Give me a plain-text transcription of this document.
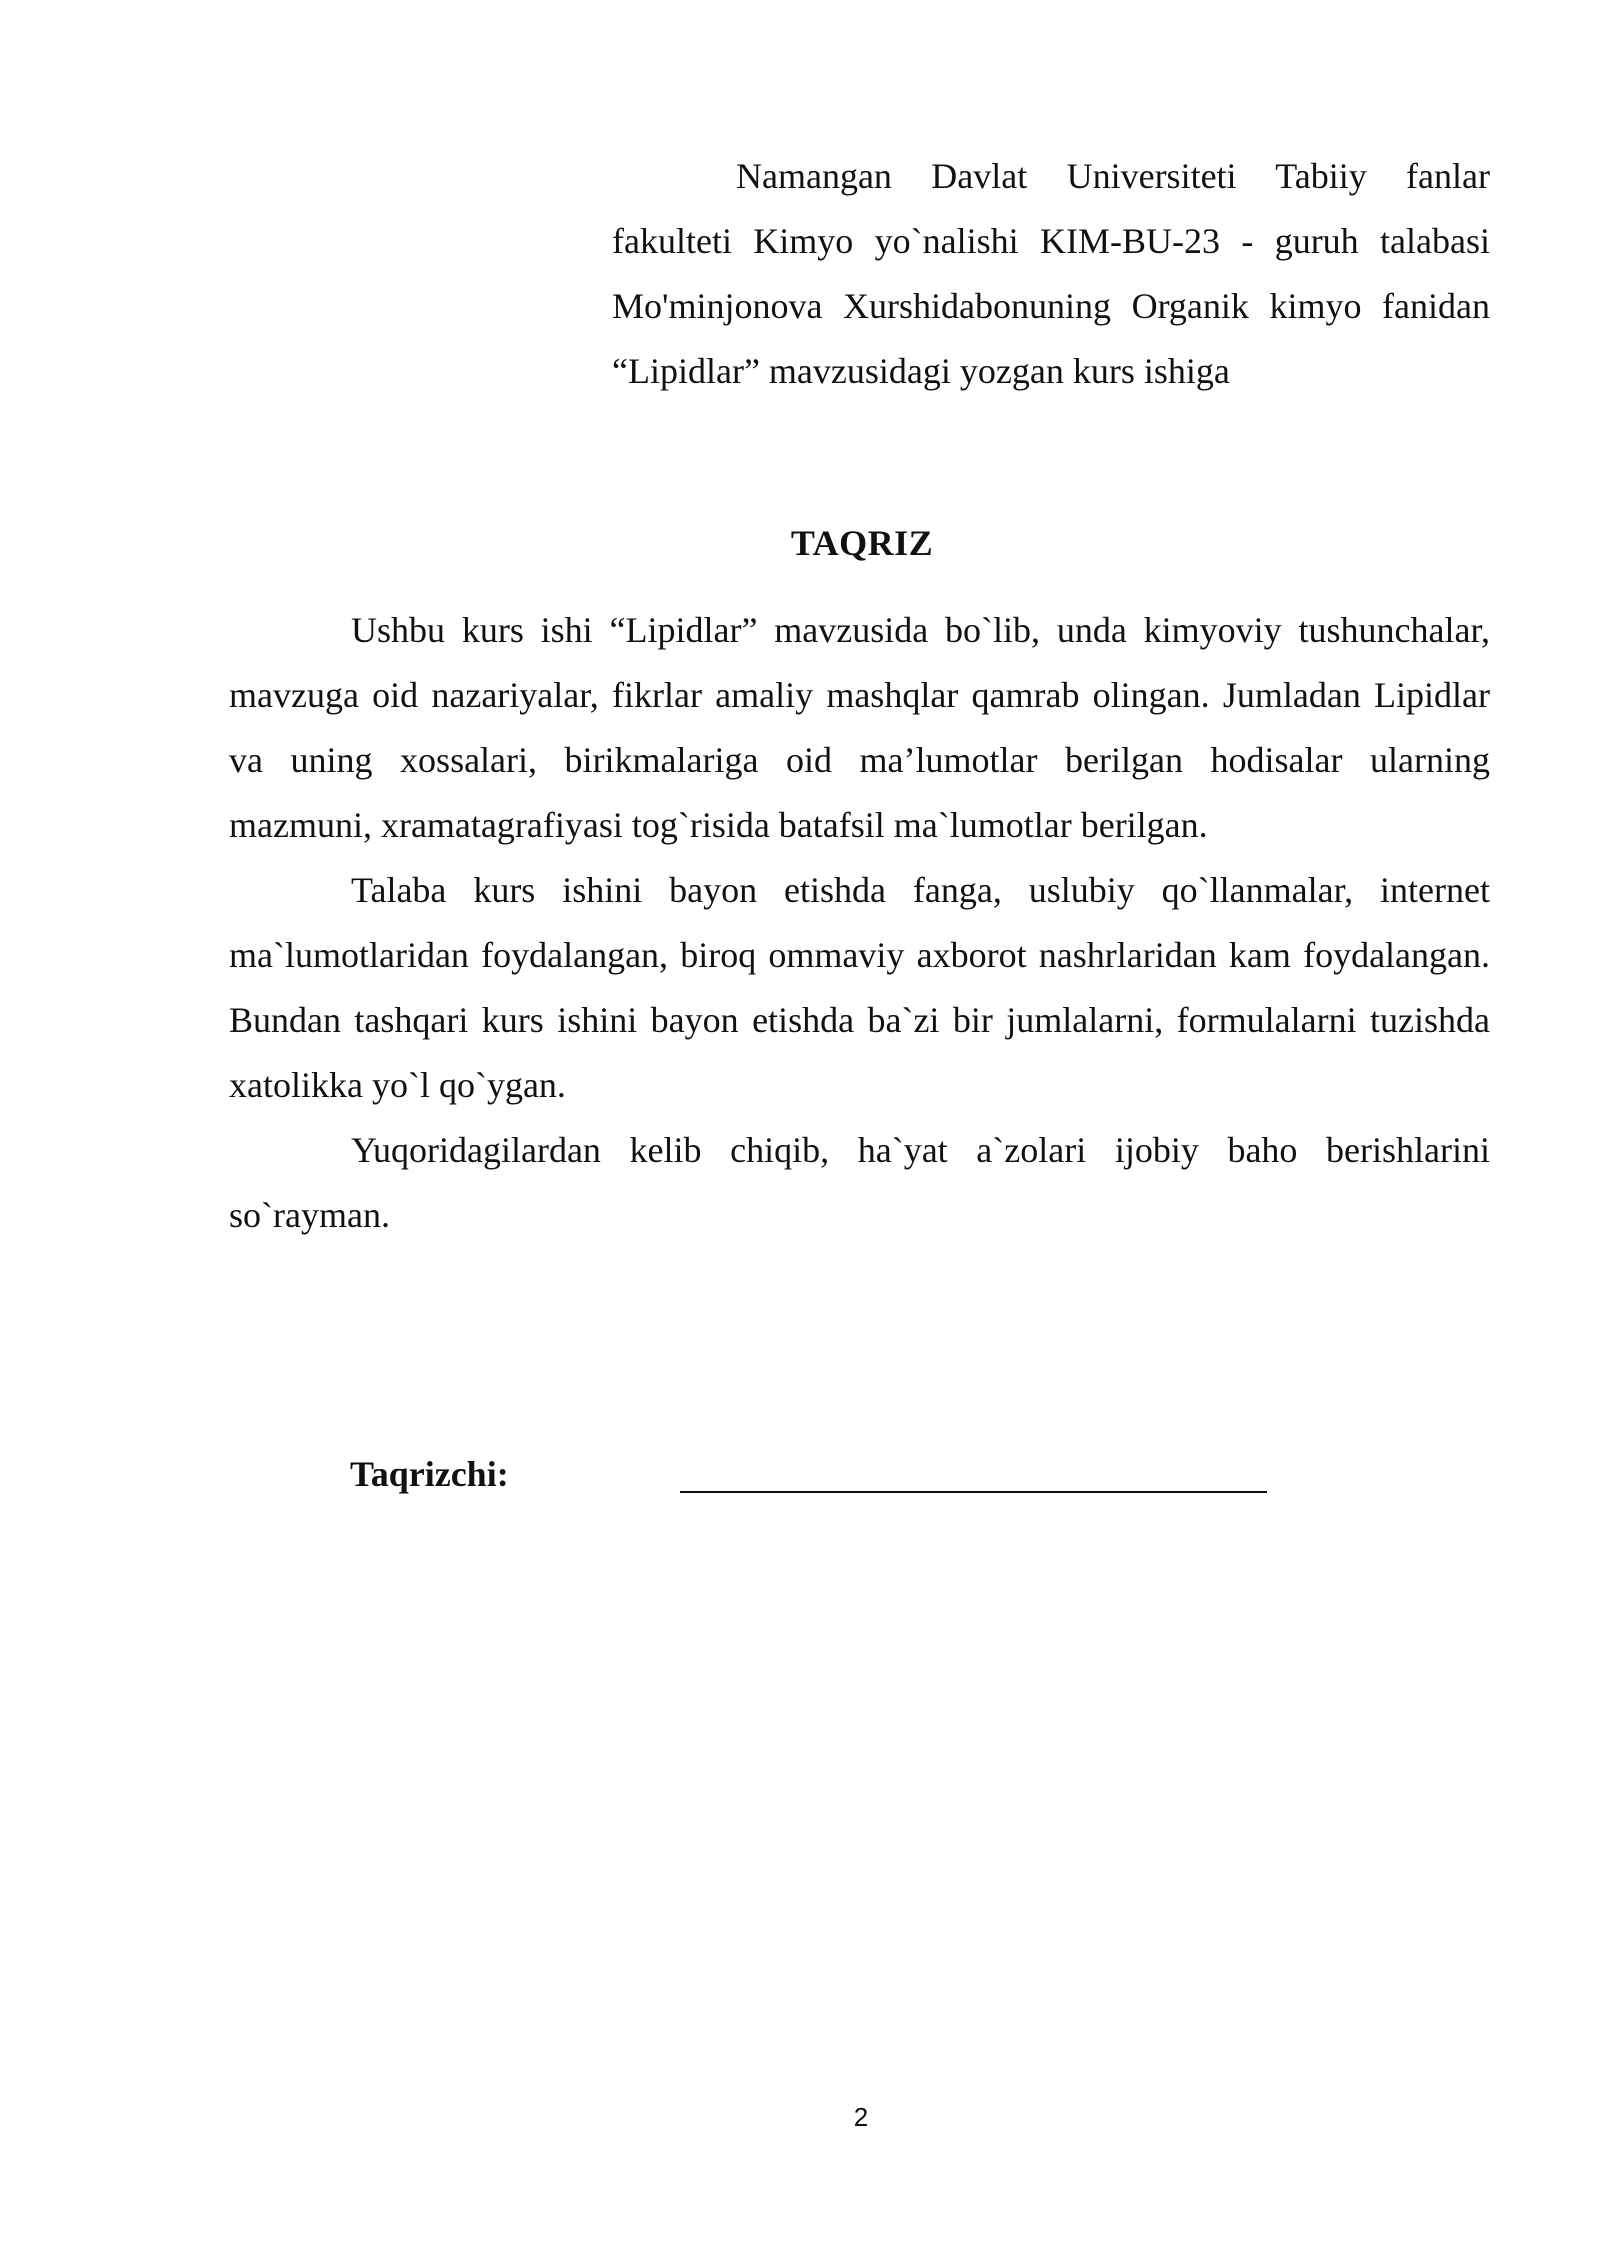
Namangan Davlat Universiteti Tabiiy fanlar fakulteti Kimyo yo`nalishi KIM-BU-23 - guruh talabasi Mo'minjonova Xurshidabonuning Organik kimyo fanidan “Lipidlar” mavzusidagi yozgan kurs ishiga
TAQRIZ

Ushbu kurs ishi “Lipidlar” mavzusida bo`lib, unda kimyoviy tushunchalar, mavzuga oid nazariyalar, fikrlar amaliy mashqlar qamrab olingan. Jumladan Lipidlar va uning xossalari, birikmalariga oid ma’lumotlar berilgan hodisalar ularning mazmuni, xramatagrafiyasi tog`risida batafsil ma`lumotlar berilgan.

Talaba kurs ishini bayon etishda fanga, uslubiy qo`llanmalar, internet ma`lumotlaridan foydalangan, biroq ommaviy axborot nashrlaridan kam foydalangan. Bundan tashqari kurs ishini bayon etishda ba`zi bir jumlalarni, formulalarni tuzishda xatolikka yo`l qo`ygan.

Yuqoridagilardan kelib chiqib, ha`yat a`zolari ijobiy baho berishlarini so`rayman.

Taqrizchi:
2
